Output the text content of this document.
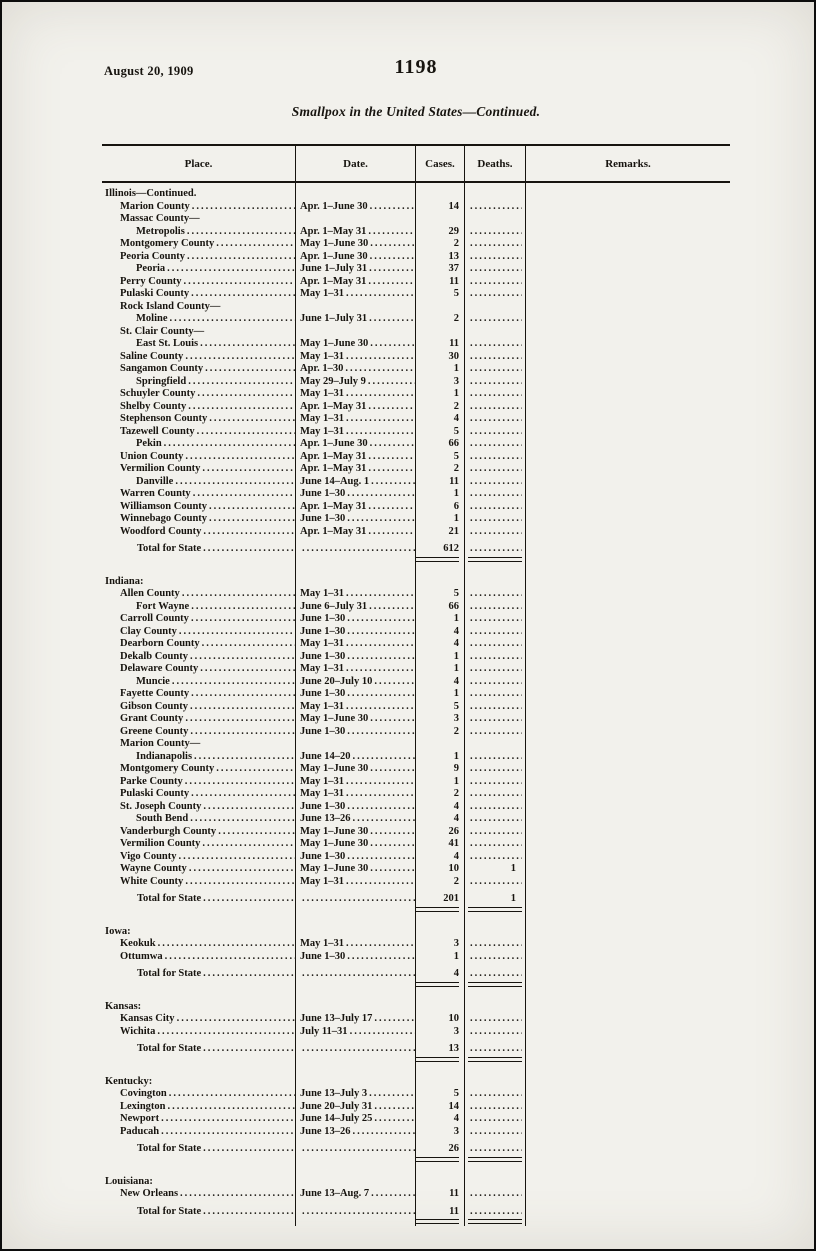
August 20, 1909	1198
Smallpox in the United States—Continued.
Place.	Date.	Cases.	Deaths.	Remarks.
Illinois—Continued.
Marion County .....	Apr. 1–June 30 .....	14
.....
Massac County—
Metropolis .....	Apr. 1–May 31 .....	29
.....
Montgomery County .....	May 1–June 30 .....	2
.....
Peoria County .....	Apr. 1–June 30 .....	13
.....
Peoria .....	June 1–July 31 .....	37
.....
Perry County .....	Apr. 1–May 31 .....	11
.....
Pulaski County .....	May 1–31 .....	5
.....
Rock Island County—
Moline .....	June 1–July 31 .....	2
.....
St. Clair County—
East St. Louis .....	May 1–June 30 .....	11
.....
Saline County .....	May 1–31 .....	30
.....
Sangamon County .....	Apr. 1–30 .....	1
.....
Springfield .....	May 29–July 9 .....	3
.....
Schuyler County .....	May 1–31 .....	1
.....
Shelby County .....	Apr. 1–May 31 .....	2
.....
Stephenson County .....	May 1–31 .....	4
.....
Tazewell County .....	May 1–31 .....	5
.....
Pekin .....	Apr. 1–June 30 .....	66
.....
Union County .....	Apr. 1–May 31 .....	5
.....
Vermilion County .....	Apr. 1–May 31 .....	2
.....
Danville .....	June 14–Aug. 1 .....	11
.....
Warren County .....	June 1–30 .....	1
.....
Williamson County .....	Apr. 1–May 31 .....	6
.....
Winnebago County .....	June 1–30 .....	1
.....
Woodford County .....	Apr. 1–May 31 .....	21
.....
Total for State ..... .....	612
.....
Indiana:
Allen County .....	May 1–31 .....	5
.....
Fort Wayne .....	June 6–July 31 .....	66
.....
Carroll County .....	June 1–30 .....	1
.....
Clay County .....	June 1–30 .....	4
.....
Dearborn County .....	May 1–31 .....	4
.....
Dekalb County .....	June 1–30 .....	1
.....
Delaware County .....	May 1–31 .....	1
.....
Muncie .....	June 20–July 10 .....	4
.....
Fayette County .....	June 1–30 .....	1
.....
Gibson County .....	May 1–31 .....	5
.....
Grant County .....	May 1–June 30 .....	3
.....
Greene County .....	June 1–30 .....	2
.....
Marion County—
Indianapolis .....	June 14–20 .....	1
.....
Montgomery County .....	May 1–June 30 .....	9
.....
Parke County .....	May 1–31 .....	1
.....
Pulaski County .....	May 1–31 .....	2
.....
St. Joseph County .....	June 1–30 .....	4
.....
South Bend .....	June 13–26 .....	4
.....
Vanderburgh County .....	May 1–June 30 .....	26
.....
Vermilion County .....	May 1–June 30 .....	41
.....
Vigo County .....	June 1–30 .....	4
.....
Wayne County .....	May 1–June 30 .....	10	1
White County .....	May 1–31 .....	2
.....
Total for State ..... .....	201	1
Iowa:
Keokuk .....	May 1–31 .....	3
.....
Ottumwa .....	June 1–30 .....	1
.....
Total for State ..... .....	4
.....
Kansas:
Kansas City .....	June 13–July 17 .....	10
.....
Wichita .....	July 11–31 .....	3
.....
Total for State ..... .....	13
.....
Kentucky:
Covington .....	June 13–July 3 .....	5
.....
Lexington .....	June 20–July 31 .....	14
.....
Newport .....	June 14–July 25 .....	4
.....
Paducah .....	June 13–26 .....	3
.....
Total for State ..... .....	26
.....
Louisiana:
New Orleans .....	June 13–Aug. 7 .....	11
.....
Total for State ..... .....	11
.....
